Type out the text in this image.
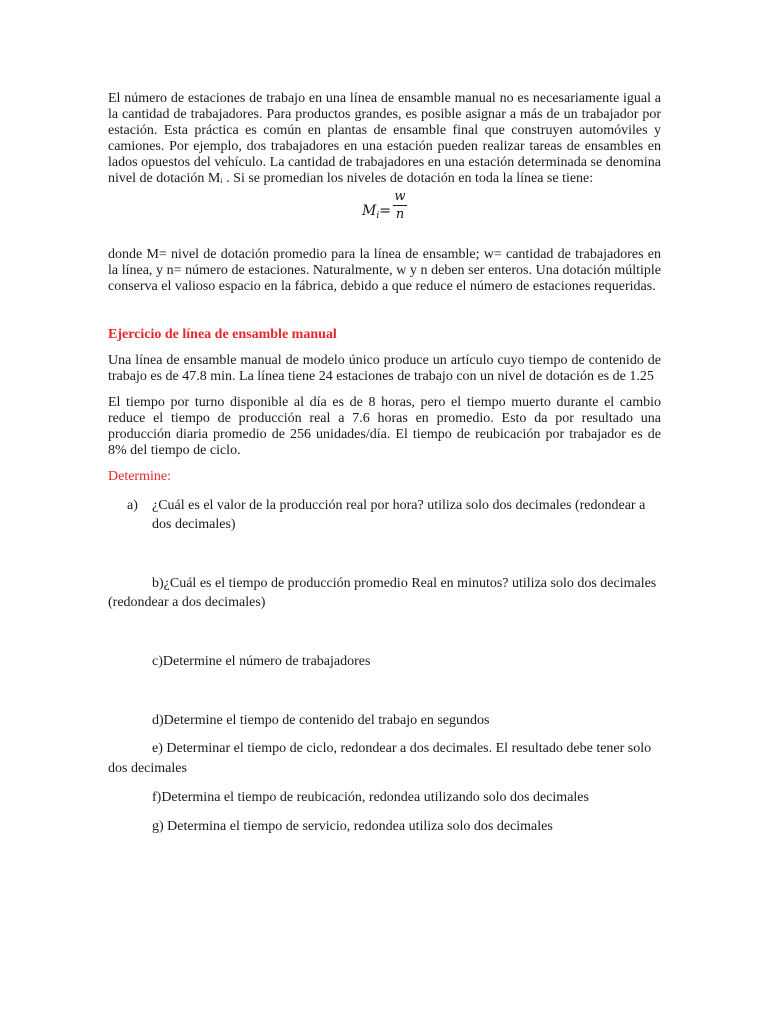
El número de estaciones de trabajo en una línea de ensamble manual no es necesariamente igual a la cantidad de trabajadores. Para productos grandes, es posible asignar a más de un trabajador por estación. Esta práctica es común en plantas de ensamble final que construyen automóviles y camiones. Por ejemplo, dos trabajadores en una estación pueden realizar tareas de ensambles en lados opuestos del vehículo. La cantidad de trabajadores en una estación determinada se denomina nivel de dotación Mᵢ . Si se promedian los niveles de dotación en toda la línea se tiene:

$M_i=$
w
n

donde M= nivel de dotación promedio para la línea de ensamble; w= cantidad de trabajadores en la línea, y n= número de estaciones. Naturalmente, w y n deben ser enteros. Una dotación múltiple conserva el valioso espacio en la fábrica, debido a que reduce el número de estaciones requeridas.

Ejercicio de línea de ensamble manual

Una línea de ensamble manual de modelo único produce un artículo cuyo tiempo de contenido de trabajo es de 47.8 min. La línea tiene 24 estaciones de trabajo con un nivel de dotación es de 1.25

El tiempo por turno disponible al día es de 8 horas, pero el tiempo muerto durante el cambio reduce el tiempo de producción real a 7.6 horas en promedio. Esto da por resultado una producción diaria promedio de 256 unidades/día. El tiempo de reubicación por trabajador es de 8% del tiempo de ciclo.

Determine:

a)	¿Cuál es el valor de la producción real por hora? utiliza solo dos decimales (redondear a dos decimales)

b)¿Cuál es el tiempo de producción promedio Real en minutos? utiliza solo dos decimales (redondear a dos decimales)

c)Determine el número de trabajadores

d)Determine el tiempo de contenido del trabajo en segundos

e) Determinar el tiempo de ciclo, redondear a dos decimales. El resultado debe tener solo dos decimales

f)Determina el tiempo de reubicación, redondea utilizando solo dos decimales

g) Determina el tiempo de servicio, redondea utiliza solo dos decimales
